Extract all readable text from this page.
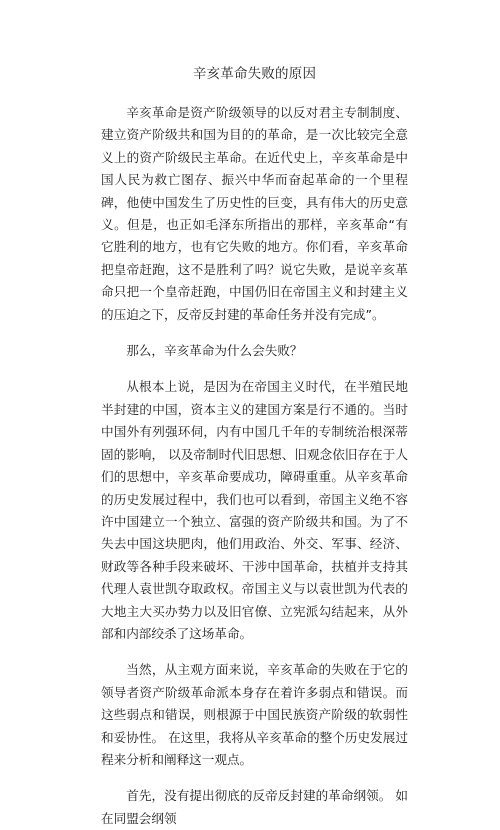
辛亥革命失败的原因

辛亥革命是资产阶级领导的以反对君主专制制度、建立资产阶级共和国为目的的革命，是一次比较完全意义上的资产阶级民主革命。在近代史上，辛亥革命是中国人民为救亡图存、振兴中华而奋起革命的一个里程碑，他使中国发生了历史性的巨变，具有伟大的历史意义。但是，也正如毛泽东所指出的那样，辛亥革命“有它胜利的地方，也有它失败的地方。你们看，辛亥革命把皇帝赶跑，这不是胜利了吗？说它失败，是说辛亥革命只把一个皇帝赶跑，中国仍旧在帝国主义和封建主义的压迫之下，反帝反封建的革命任务并没有完成”。

那么，辛亥革命为什么会失败？

从根本上说，是因为在帝国主义时代，在半殖民地半封建的中国，资本主义的建国方案是行不通的。当时中国外有列强环伺，内有中国几千年的专制统治根深蒂固的影响， 以及帝制时代旧思想、旧观念依旧存在于人们的思想中，辛亥革命要成功，障碍重重。从辛亥革命的历史发展过程中，我们也可以看到，帝国主义绝不容许中国建立一个独立、富强的资产阶级共和国。为了不失去中国这块肥肉，他们用政治、外交、军事、经济、财政等各种手段来破坏、干涉中国革命，扶植并支持其代理人袁世凯夺取政权。帝国主义与以袁世凯为代表的大地主大买办势力以及旧官僚、立宪派勾结起来，从外部和内部绞杀了这场革命。

当然，从主观方面来说，辛亥革命的失败在于它的领导者资产阶级革命派本身存在着许多弱点和错误。而这些弱点和错误，则根源于中国民族资产阶级的软弱性和妥协性。 在这里，我将从辛亥革命的整个历史发展过程来分析和阐释这一观点。

首先，没有提出彻底的反帝反封建的革命纲领。 如在同盟会纲领
